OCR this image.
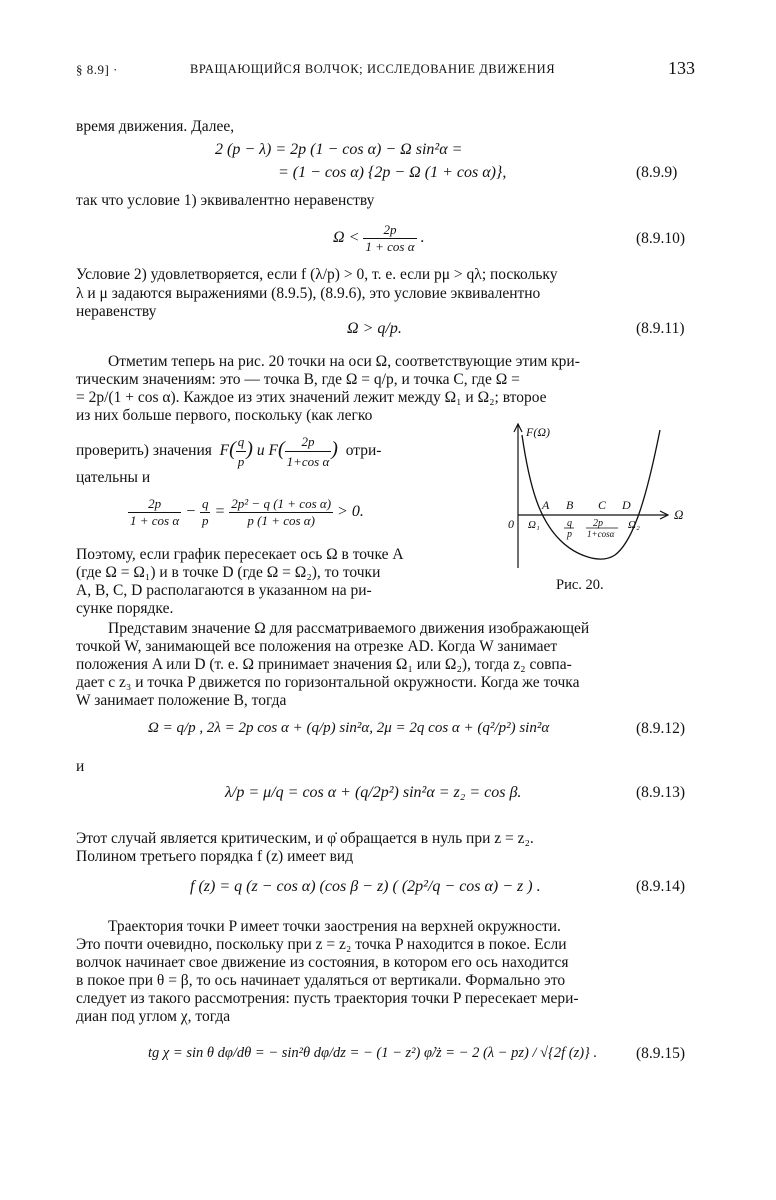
§ 8.9] ·	ВРАЩАЮЩИЙСЯ ВОЛЧОК; ИССЛЕДОВАНИЕ ДВИЖЕНИЯ	133
время движения. Далее,
2 (p − λ) = 2p (1 − cos α) − Ω sin²α =
= (1 − cos α) {2p − Ω (1 + cos α)},	(8.9.9)
так что условие 1) эквивалентно неравенству
$\Omega < \frac{2p}{\text{1 + cos α}}$ .	(8.9.10)
Условие 2) удовлетворяется, если f (λ/p) > 0, т. е. если pμ > qλ; поскольку
λ и μ задаются выражениями (8.9.5), (8.9.6), это условие эквивалентно
неравенству
Ω > q/p.	(8.9.11)
Отметим теперь на рис. 20 точки на оси Ω, соответствующие этим кри-
тическим значениям: это — точка B, где Ω = q/p, и точка C, где Ω =
= 2p/(1 + cos α). Каждое из этих значений лежит между Ω₁ и Ω₂; второе
из них больше первого, поскольку (как легко
проверить) значения  $F( \frac{q}{p}$ ) и $F( \frac{2p}{\text{1+cos α}}$ ) отри-
цательны и
$\frac{2p}{\text{1 + cos α}} - \frac{q}{p} = \frac{\text{2p² − q (1 + cos α)}}{\text{p (1 + cos α)}} > 0$.
Поэтому, если график пересекает ось Ω в точке A
(где Ω = Ω₁) и в точке D (где Ω = Ω₂), то точки
A, B, C, D располагаются в указанном на ри-
сунке порядке.
F(Ω)
Ω
0
A B C D
Ω₁	q
p
2p
1+cosα
Ω₂
Рис. 20.
Представим значение Ω для рассматриваемого движения изображающей
точкой W, занимающей все положения на отрезке AD. Когда W занимает
положения A или D (т. е. Ω принимает значения Ω₁ или Ω₂), тогда z₂ совпа-
дает с z₃ и точка P движется по горизонтальной окружности. Когда же точка
W занимает положение B, тогда
Ω = q/p , 2λ = 2p cos α + (q/p) sin²α, 2μ = 2q cos α + (q²/p²) sin²α	(8.9.12)
и
λ/p = μ/q = cos α + (q/2p²) sin²α = z₂ = cos β.	(8.9.13)
Этот случай является критическим, и φ̇ обращается в нуль при z = z₂.
Полином третьего порядка f (z) имеет вид
f (z) = q (z − cos α) (cos β − z) ( (2p²/q − cos α) − z ) .	(8.9.14)
Траектория точки P имеет точки заострения на верхней окружности.
Это почти очевидно, поскольку при z = z₂ точка P находится в покое. Если
волчок начинает свое движение из состояния, в котором его ось находится
в покое при θ = β, то ось начинает удаляться от вертикали. Формально это
следует из такого рассмотрения: пусть траектория точки P пересекает мери-
диан под углом χ, тогда
tg χ = sin θ dφ/dθ = − sin²θ dφ/dz = − (1 − z²) φ̇/ż = − 2 (λ − pz) / √{2f (z)} .	(8.9.15)
